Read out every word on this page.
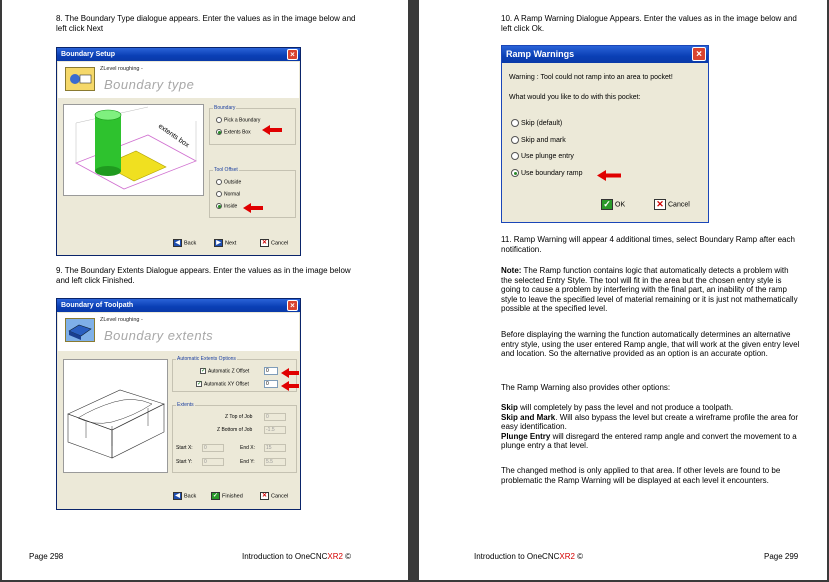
8. The Boundary Type dialogue appears. Enter the values as in the image below and left click Next

Boundary Setup	×
ZLevel roughing -
Boundary type
extents box
Boundary
Pick a Boundary
Extents Box
Tool Offset
Outside
Normal
Inside
◀ Back	▶ Next	✕ Cancel

9. The Boundary Extents Dialogue appears. Enter the values as in the image below and left click Finished.

Boundary of Toolpath	×
ZLevel roughing -
Boundary extents
Automatic Extents Options
✓ Automatic Z Offset	0
✓ Automatic XY Offset	0
Extents
Z Top of Job	0
Z Bottom of Job	-1.5
Start X:	0	End X:	15
Start Y:	0	End Y:	5.5
◀ Back	✓ Finished	✕ Cancel
Page 298	Introduction to OneCNCXR2 ©

10. A Ramp Warning Dialogue Appears. Enter the values as in the image below and left click Ok.

Ramp Warnings	×
Warning : Tool could not ramp into an area to pocket!
What would you like to do with this pocket:
Skip (default)
Skip and mark
Use plunge entry
Use boundary ramp
✓ OK	✕ Cancel

11. Ramp Warning will appear 4 additional times, select Boundary Ramp after each notification.

Note: The Ramp function contains logic that automatically detects a problem with the selected Entry Style. The tool will fit in the area but the chosen entry style is going to cause a problem by interfering with the final part, an inability of the ramp style to leave the specified level of material remaining or it is just not mathematically possible at the specified level.

Before displaying the warning the function automatically determines an alternative entry style, using the user entered Ramp angle, that will work at the given entry level and location. So the alternative provided as an option is an accurate option.

The Ramp Warning also provides other options:

Skip will completely by pass the level and not produce a toolpath.
Skip and Mark. Will also bypass the level but create a wireframe profile the area for easy identification.
Plunge Entry will disregard the entered ramp angle and convert the movement to a plunge entry a that level.

The changed method is only applied to that area. If other levels are found to be problematic the Ramp Warning will be displayed at each level it encounters.

Introduction to OneCNCXR2 ©	Page 299
